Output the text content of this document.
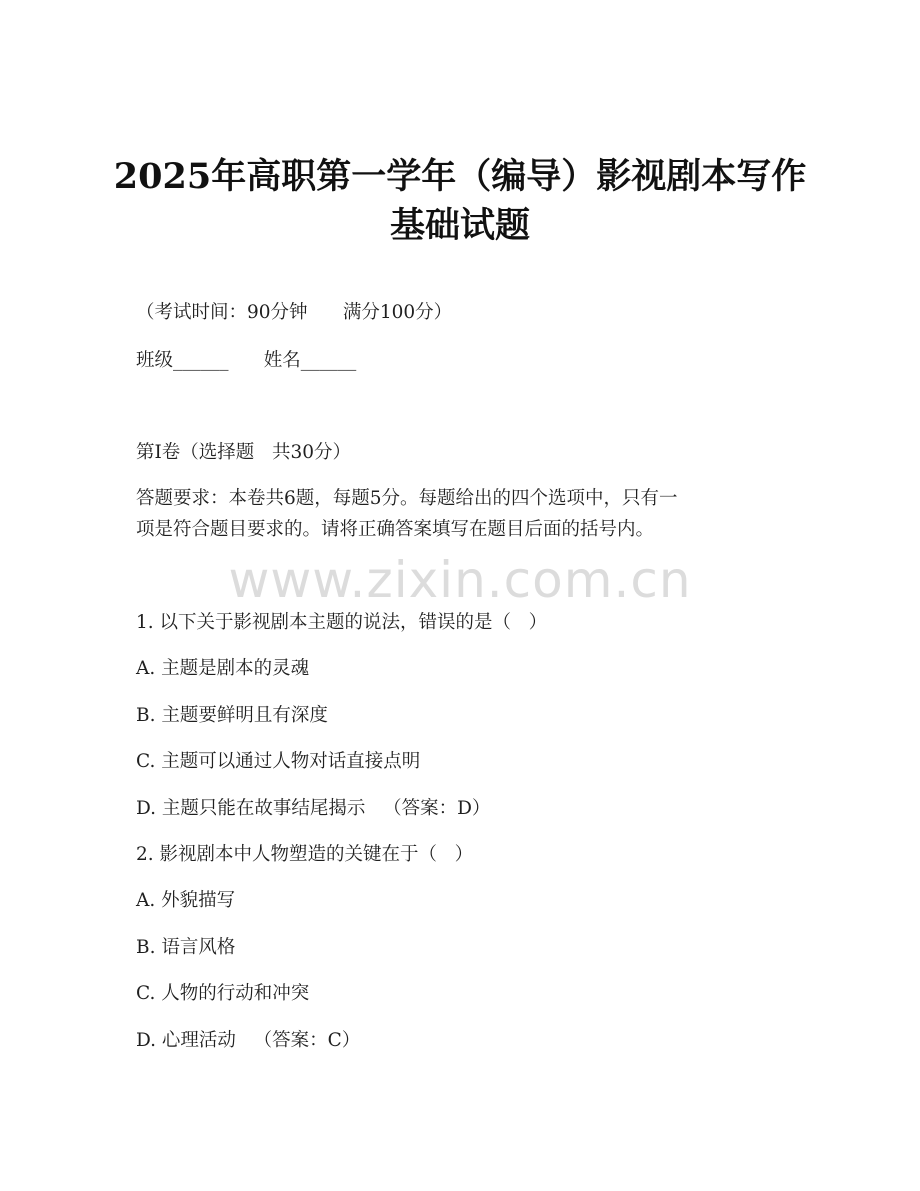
2025年高职第一学年（编导）影视剧本写作
基础试题
（考试时间：90分钟      满分100分）
班级______      姓名______
第I卷（选择题   共30分）
答题要求：本卷共6题，每题5分。每题给出的四个选项中，只有一
项是符合题目要求的。请将正确答案填写在题目后面的括号内。
www.zixin.com.cn
1. 以下关于影视剧本主题的说法，错误的是（   ）
A. 主题是剧本的灵魂
B. 主题要鲜明且有深度
C. 主题可以通过人物对话直接点明
D. 主题只能在故事结尾揭示   （答案：D）
2. 影视剧本中人物塑造的关键在于（   ）
A. 外貌描写
B. 语言风格
C. 人物的行动和冲突
D. 心理活动   （答案：C）
